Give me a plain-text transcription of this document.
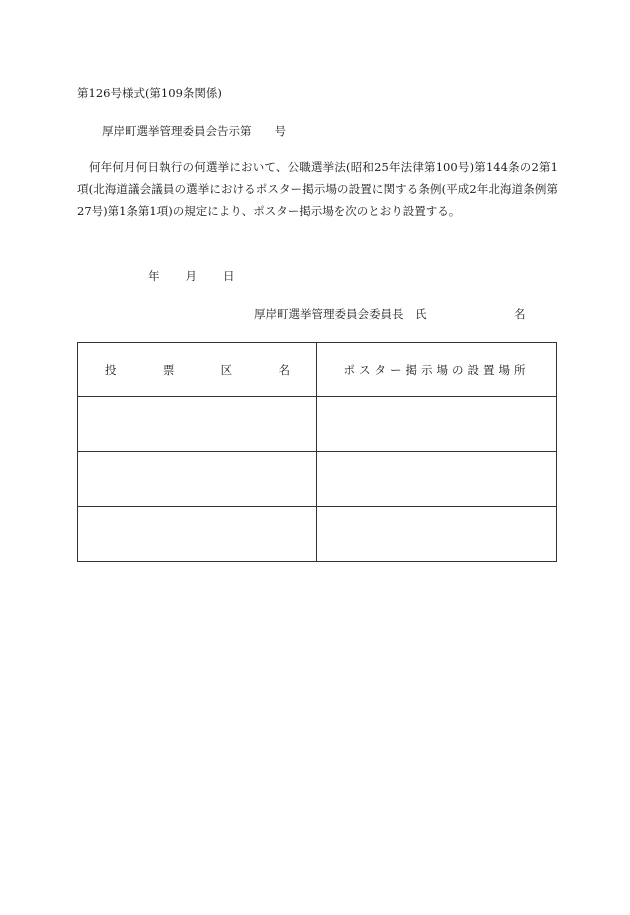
第126号様式(第109条関係)
厚岸町選挙管理委員会告示第　　号
何年何月何日執行の何選挙において、公職選挙法(昭和25年法律第100号)第144条の2第1項(北海道議会議員の選挙におけるポスター掲示場の設置に関する条例(平成2年北海道条例第27号)第1条第1項)の規定により、ポスター掲示場を次のとおり設置する。
年 月 日
厚岸町選挙管理委員会委員長　氏	名
投 票 区 名	ポスター掲示場の設置場所
